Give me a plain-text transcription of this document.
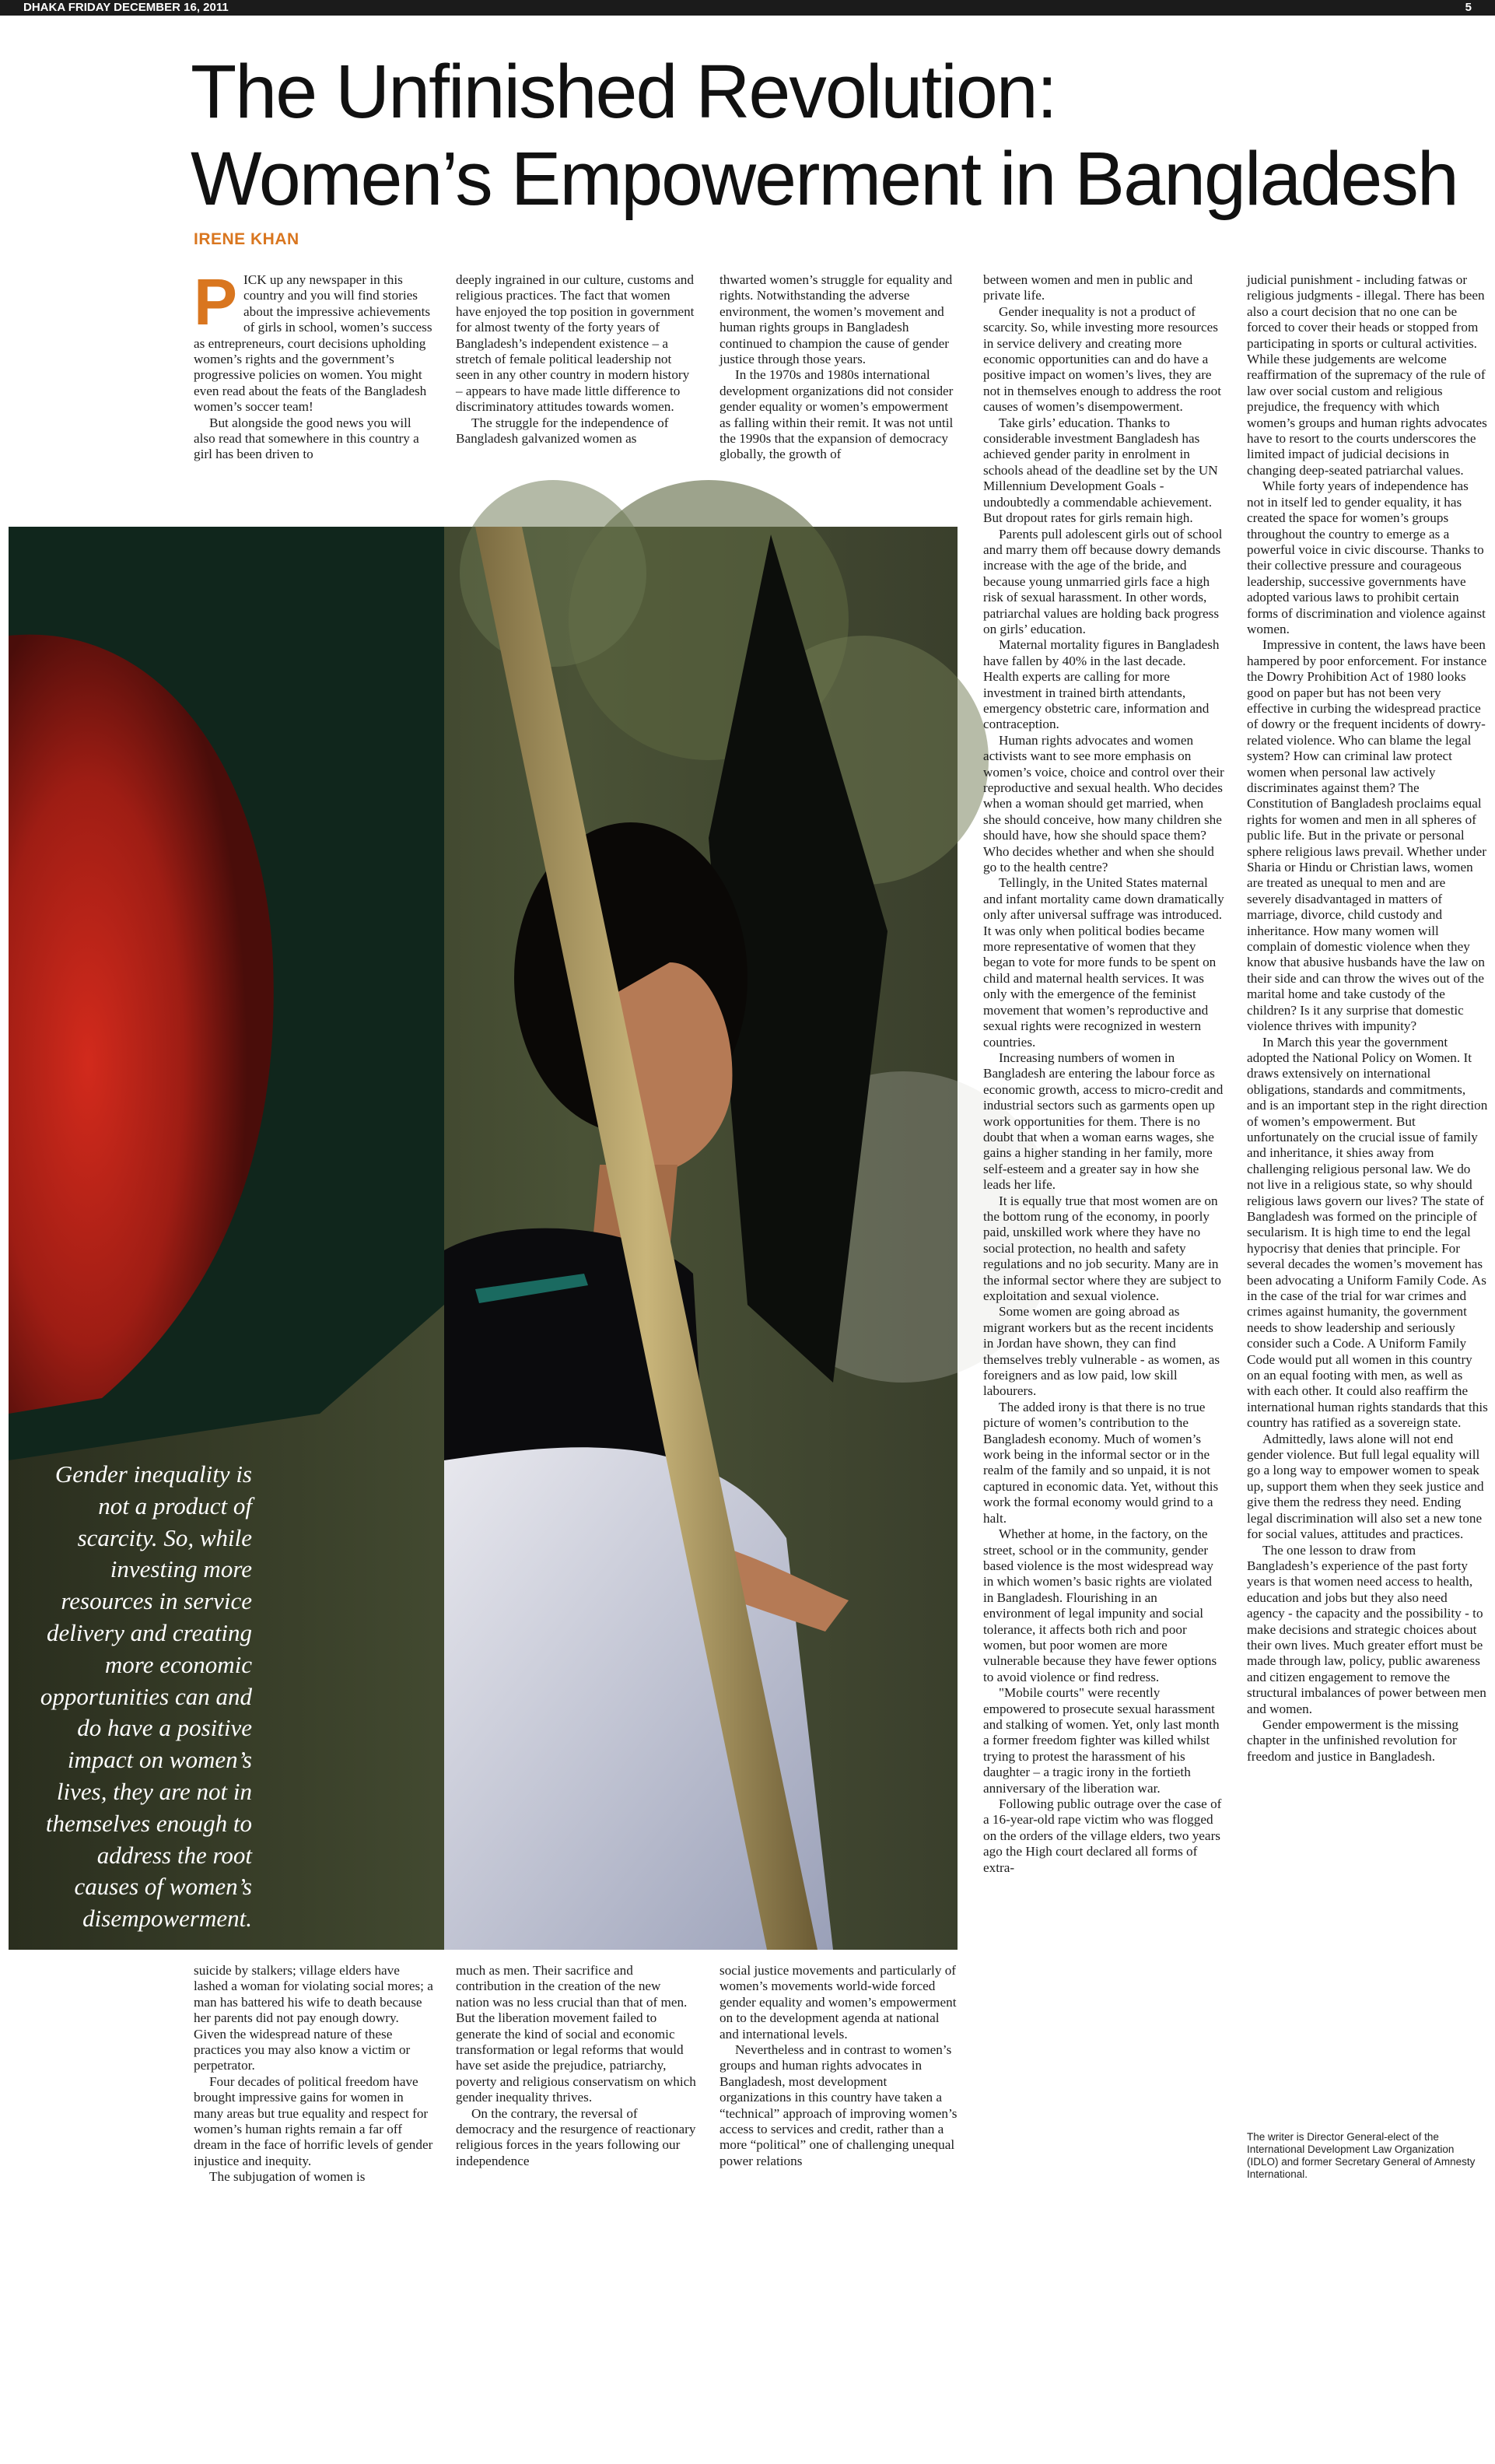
DHAKA FRIDAY DECEMBER 16, 2011	5
The Unfinished Revolution:
Women’s Empowerment in Bangladesh
IRENE KHAN
P ICK up any newspaper in this country and you will find stories about the impressive achievements of girls in school, women’s success as entrepreneurs, court decisions upholding women’s rights and the government’s progressive policies on women. You might even read about the feats of the Bangladesh women’s soccer team!

But alongside the good news you will also read that somewhere in this country a girl has been driven to

deeply ingrained in our culture, customs and religious practices. The fact that women have enjoyed the top position in government for almost twenty of the forty years of Bangladesh’s independent existence – a stretch of female political leadership not seen in any other country in modern history – appears to have made little difference to discriminatory attitudes towards women.

The struggle for the independence of Bangladesh galvanized women as

thwarted women’s struggle for equality and rights. Notwithstanding the adverse environment, the women’s movement and human rights groups in Bangladesh continued to champion the cause of gender justice through those years.

In the 1970s and 1980s international development organizations did not consider gender equality or women’s empowerment as falling within their remit. It was not until the 1990s that the expansion of democracy globally, the growth of

Gender inequality is not a product of scarcity. So, while investing more resources in service delivery and creating more economic opportunities can and do have a positive impact on women’s lives, they are not in themselves enough to address the root causes of women’s disempowerment.
ZAHEDUL I KHAN

suicide by stalkers; village elders have lashed a woman for violating social mores; a man has battered his wife to death because her parents did not pay enough dowry. Given the widespread nature of these practices you may also know a victim or perpetrator.

Four decades of political freedom have brought impressive gains for women in many areas but true equality and respect for women’s human rights remain a far off dream in the face of horrific levels of gender injustice and inequity.

The subjugation of women is

much as men. Their sacrifice and contribution in the creation of the new nation was no less crucial than that of men. But the liberation movement failed to generate the kind of social and economic transformation or legal reforms that would have set aside the prejudice, patriarchy, poverty and religious conservatism on which gender inequality thrives.

On the contrary, the reversal of democracy and the resurgence of reactionary religious forces in the years following our independence

social justice movements and particularly of women’s movements world-wide forced gender equality and women’s empowerment on to the development agenda at national and international levels.

Nevertheless and in contrast to women’s groups and human rights advocates in Bangladesh, most development organizations in this country have taken a “technical” approach of improving women’s access to services and credit, rather than a more “political” one of challenging unequal power relations

between women and men in public and private life.

Gender inequality is not a product of scarcity. So, while investing more resources in service delivery and creating more economic opportunities can and do have a positive impact on women’s lives, they are not in themselves enough to address the root causes of women’s disempowerment.

Take girls’ education. Thanks to considerable investment Bangladesh has achieved gender parity in enrolment in schools ahead of the deadline set by the UN Millennium Development Goals - undoubtedly a commendable achievement. But dropout rates for girls remain high.

Parents pull adolescent girls out of school and marry them off because dowry demands increase with the age of the bride, and because young unmarried girls face a high risk of sexual harassment. In other words, patriarchal values are holding back progress on girls’ education.

Maternal mortality figures in Bangladesh have fallen by 40% in the last decade. Health experts are calling for more investment in trained birth attendants, emergency obstetric care, information and contraception.

Human rights advocates and women activists want to see more emphasis on women’s voice, choice and control over their reproductive and sexual health. Who decides when a woman should get married, when she should conceive, how many children she should have, how she should space them? Who decides whether and when she should go to the health centre?

Tellingly, in the United States maternal and infant mortality came down dramatically only after universal suffrage was introduced. It was only when political bodies became more representative of women that they began to vote for more funds to be spent on child and maternal health services. It was only with the emergence of the feminist movement that women’s reproductive and sexual rights were recognized in western countries.

Increasing numbers of women in Bangladesh are entering the labour force as economic growth, access to micro-credit and industrial sectors such as garments open up work opportunities for them. There is no doubt that when a woman earns wages, she gains a higher standing in her family, more self-esteem and a greater say in how she leads her life.

It is equally true that most women are on the bottom rung of the economy, in poorly paid, unskilled work where they have no social protection, no health and safety regulations and no job security. Many are in the informal sector where they are subject to exploitation and sexual violence.

Some women are going abroad as migrant workers but as the recent incidents in Jordan have shown, they can find themselves trebly vulnerable - as women, as foreigners and as low paid, low skill labourers.

The added irony is that there is no true picture of women’s contribution to the Bangladesh economy. Much of women’s work being in the informal sector or in the realm of the family and so unpaid, it is not captured in economic data. Yet, without this work the formal economy would grind to a halt.

Whether at home, in the factory, on the street, school or in the community, gender based violence is the most widespread way in which women’s basic rights are violated in Bangladesh. Flourishing in an environment of legal impunity and social tolerance, it affects both rich and poor women, but poor women are more vulnerable because they have fewer options to avoid violence or find redress.

"Mobile courts" were recently empowered to prosecute sexual harassment and stalking of women. Yet, only last month a former freedom fighter was killed whilst trying to protest the harassment of his daughter – a tragic irony in the fortieth anniversary of the liberation war.

Following public outrage over the case of a 16-year-old rape victim who was flogged on the orders of the village elders, two years ago the High court declared all forms of extra-

judicial punishment - including fatwas or religious judgments - illegal. There has been also a court decision that no one can be forced to cover their heads or stopped from participating in sports or cultural activities. While these judgements are welcome reaffirmation of the supremacy of the rule of law over social custom and religious prejudice, the frequency with which women’s groups and human rights advocates have to resort to the courts underscores the limited impact of judicial decisions in changing deep-seated patriarchal values.

While forty years of independence has not in itself led to gender equality, it has created the space for women’s groups throughout the country to emerge as a powerful voice in civic discourse. Thanks to their collective pressure and courageous leadership, successive governments have adopted various laws to prohibit certain forms of discrimination and violence against women.

Impressive in content, the laws have been hampered by poor enforcement. For instance the Dowry Prohibition Act of 1980 looks good on paper but has not been very effective in curbing the widespread practice of dowry or the frequent incidents of dowry- related violence. Who can blame the legal system? How can criminal law protect women when personal law actively discriminates against them? The Constitution of Bangladesh proclaims equal rights for women and men in all spheres of public life. But in the private or personal sphere religious laws prevail. Whether under Sharia or Hindu or Christian laws, women are treated as unequal to men and are severely disadvantaged in matters of marriage, divorce, child custody and inheritance. How many women will complain of domestic violence when they know that abusive husbands have the law on their side and can throw the wives out of the marital home and take custody of the children? Is it any surprise that domestic violence thrives with impunity?

In March this year the government adopted the National Policy on Women. It draws extensively on international obligations, standards and commitments, and is an important step in the right direction of women’s empowerment. But unfortunately on the crucial issue of family and inheritance, it shies away from challenging religious personal law. We do not live in a religious state, so why should religious laws govern our lives? The state of Bangladesh was formed on the principle of secularism. It is high time to end the legal hypocrisy that denies that principle. For several decades the women’s movement has been advocating a Uniform Family Code. As in the case of the trial for war crimes and crimes against humanity, the government needs to show leadership and seriously consider such a Code. A Uniform Family Code would put all women in this country on an equal footing with men, as well as with each other. It could also reaffirm the international human rights standards that this country has ratified as a sovereign state.

Admittedly, laws alone will not end gender violence. But full legal equality will go a long way to empower women to speak up, support them when they seek justice and give them the redress they need. Ending legal discrimination will also set a new tone for social values, attitudes and practices.

The one lesson to draw from Bangladesh’s experience of the past forty years is that women need access to health, education and jobs but they also need agency - the capacity and the possibility - to make decisions and strategic choices about their own lives. Much greater effort must be made through law, policy, public awareness and citizen engagement to remove the structural imbalances of power between men and women.

Gender empowerment is the missing chapter in the unfinished revolution for freedom and justice in Bangladesh.

The writer is Director General-elect of the International Development Law Organization (IDLO) and former Secretary General of Amnesty International.
